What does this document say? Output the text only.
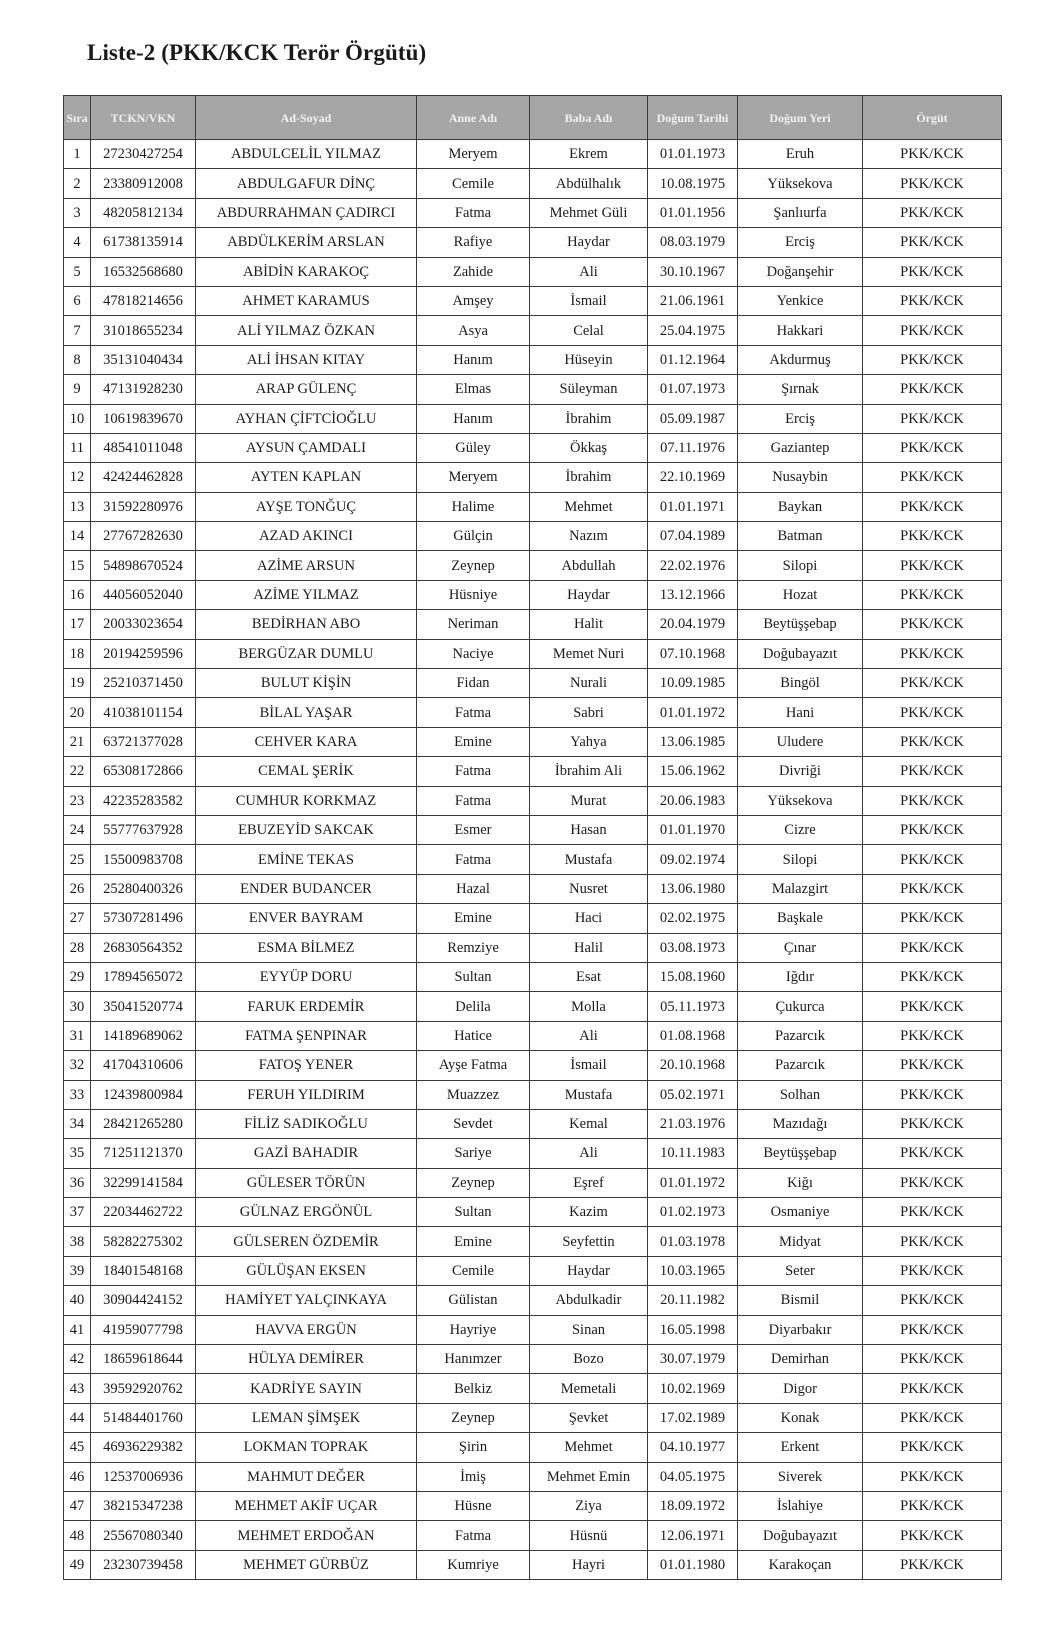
Liste-2 (PKK/KCK Terör Örgütü)
Sıra	TCKN/VKN	Ad-Soyad	Anne Adı	Baba Adı	Doğum Tarihi	Doğum Yeri	Örgüt
1	27230427254	ABDULCELİL YILMAZ	Meryem	Ekrem	01.01.1973	Eruh	PKK/KCK
2	23380912008	ABDULGAFUR DİNÇ	Cemile	Abdülhalık	10.08.1975	Yüksekova	PKK/KCK
3	48205812134	ABDURRAHMAN ÇADIRCI	Fatma	Mehmet Güli	01.01.1956	Şanlıurfa	PKK/KCK
4	61738135914	ABDÜLKERİM ARSLAN	Rafiye	Haydar	08.03.1979	Erciş	PKK/KCK
5	16532568680	ABİDİN KARAKOÇ	Zahide	Ali	30.10.1967	Doğanşehir	PKK/KCK
6	47818214656	AHMET KARAMUS	Amşey	İsmail	21.06.1961	Yenkice	PKK/KCK
7	31018655234	ALİ YILMAZ ÖZKAN	Asya	Celal	25.04.1975	Hakkari	PKK/KCK
8	35131040434	ALİ İHSAN KITAY	Hanım	Hüseyin	01.12.1964	Akdurmuş	PKK/KCK
9	47131928230	ARAP GÜLENÇ	Elmas	Süleyman	01.07.1973	Şırnak	PKK/KCK
10	10619839670	AYHAN ÇİFTCİOĞLU	Hanım	İbrahim	05.09.1987	Erciş	PKK/KCK
11	48541011048	AYSUN ÇAMDALI	Güley	Ökkaş	07.11.1976	Gaziantep	PKK/KCK
12	42424462828	AYTEN KAPLAN	Meryem	İbrahim	22.10.1969	Nusaybin	PKK/KCK
13	31592280976	AYŞE TONĞUÇ	Halime	Mehmet	01.01.1971	Baykan	PKK/KCK
14	27767282630	AZAD AKINCI	Gülçin	Nazım	07.04.1989	Batman	PKK/KCK
15	54898670524	AZİME ARSUN	Zeynep	Abdullah	22.02.1976	Silopi	PKK/KCK
16	44056052040	AZİME YILMAZ	Hüsniye	Haydar	13.12.1966	Hozat	PKK/KCK
17	20033023654	BEDİRHAN ABO	Neriman	Halit	20.04.1979	Beytüşşebap	PKK/KCK
18	20194259596	BERGÜZAR DUMLU	Naciye	Memet Nuri	07.10.1968	Doğubayazıt	PKK/KCK
19	25210371450	BULUT KİŞİN	Fidan	Nurali	10.09.1985	Bingöl	PKK/KCK
20	41038101154	BİLAL YAŞAR	Fatma	Sabri	01.01.1972	Hani	PKK/KCK
21	63721377028	CEHVER KARA	Emine	Yahya	13.06.1985	Uludere	PKK/KCK
22	65308172866	CEMAL ŞERİK	Fatma	İbrahim Ali	15.06.1962	Divriği	PKK/KCK
23	42235283582	CUMHUR KORKMAZ	Fatma	Murat	20.06.1983	Yüksekova	PKK/KCK
24	55777637928	EBUZEYİD SAKCAK	Esmer	Hasan	01.01.1970	Cizre	PKK/KCK
25	15500983708	EMİNE TEKAS	Fatma	Mustafa	09.02.1974	Silopi	PKK/KCK
26	25280400326	ENDER BUDANCER	Hazal	Nusret	13.06.1980	Malazgirt	PKK/KCK
27	57307281496	ENVER BAYRAM	Emine	Haci	02.02.1975	Başkale	PKK/KCK
28	26830564352	ESMA BİLMEZ	Remziye	Halil	03.08.1973	Çınar	PKK/KCK
29	17894565072	EYYÜP DORU	Sultan	Esat	15.08.1960	Iğdır	PKK/KCK
30	35041520774	FARUK ERDEMİR	Delila	Molla	05.11.1973	Çukurca	PKK/KCK
31	14189689062	FATMA ŞENPINAR	Hatice	Ali	01.08.1968	Pazarcık	PKK/KCK
32	41704310606	FATOŞ YENER	Ayşe Fatma	İsmail	20.10.1968	Pazarcık	PKK/KCK
33	12439800984	FERUH YILDIRIM	Muazzez	Mustafa	05.02.1971	Solhan	PKK/KCK
34	28421265280	FİLİZ SADIKOĞLU	Sevdet	Kemal	21.03.1976	Mazıdağı	PKK/KCK
35	71251121370	GAZİ BAHADIR	Sariye	Ali	10.11.1983	Beytüşşebap	PKK/KCK
36	32299141584	GÜLESER TÖRÜN	Zeynep	Eşref	01.01.1972	Kiğı	PKK/KCK
37	22034462722	GÜLNAZ ERGÖNÜL	Sultan	Kazim	01.02.1973	Osmaniye	PKK/KCK
38	58282275302	GÜLSEREN ÖZDEMİR	Emine	Seyfettin	01.03.1978	Midyat	PKK/KCK
39	18401548168	GÜLÜŞAN EKSEN	Cemile	Haydar	10.03.1965	Seter	PKK/KCK
40	30904424152	HAMİYET YALÇINKAYA	Gülistan	Abdulkadir	20.11.1982	Bismil	PKK/KCK
41	41959077798	HAVVA ERGÜN	Hayriye	Sinan	16.05.1998	Diyarbakır	PKK/KCK
42	18659618644	HÜLYA DEMİRER	Hanımzer	Bozo	30.07.1979	Demirhan	PKK/KCK
43	39592920762	KADRİYE SAYIN	Belkiz	Memetali	10.02.1969	Digor	PKK/KCK
44	51484401760	LEMAN ŞİMŞEK	Zeynep	Şevket	17.02.1989	Konak	PKK/KCK
45	46936229382	LOKMAN TOPRAK	Şirin	Mehmet	04.10.1977	Erkent	PKK/KCK
46	12537006936	MAHMUT DEĞER	İmiş	Mehmet Emin	04.05.1975	Siverek	PKK/KCK
47	38215347238	MEHMET AKİF UÇAR	Hüsne	Ziya	18.09.1972	İslahiye	PKK/KCK
48	25567080340	MEHMET ERDOĞAN	Fatma	Hüsnü	12.06.1971	Doğubayazıt	PKK/KCK
49	23230739458	MEHMET GÜRBÜZ	Kumriye	Hayri	01.01.1980	Karakoçan	PKK/KCK
